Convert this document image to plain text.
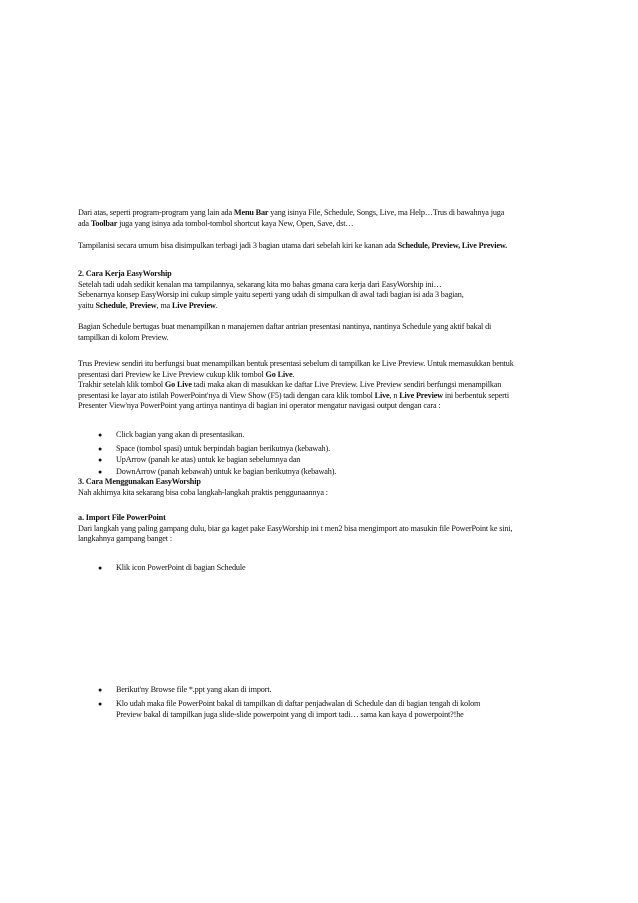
Dari atas, seperti program-program yang lain ada Menu Bar yang isinya File, Schedule, Songs, Live, ma Help…Trus di bawahnya juga

ada Toolbar juga yang isinya ada tombol-tombol shortcut kaya New, Open, Save, dst…

Tampilanisi secara umum bisa disimpulkan terbagi jadi 3 bagian utama dari sebelah kiri ke kanan ada Schedule, Preview, Live Preview.

2. Cara Kerja EasyWorship

Setelah tadi udah sedikit kenalan ma tampilannya, sekarang kita mo bahas gmana cara kerja dari EasyWorship ini…

Sebenarnya konsep EasyWorsip ini cukup simple yaitu seperti yang udah di simpulkan di awal tadi bagian isi ada 3 bagian,

yaitu Schedule, Preview, ma Live Preview.

Bagian Schedule bertugas buat menampilkan n manajemen daftar antrian presentasi nantinya, nantinya Schedule yang aktif bakal di

tampilkan di kolom Preview.

Trus Preview sendiri itu berfungsi buat menampilkan bentuk presentasi sebelum di tampilkan ke Live Preview. Untuk memasukkan bentuk

presentasi dari Preview ke Live Preview cukup klik tombol Go Live.

Trakhir setelah klik tombol Go Live tadi maka akan di masukkan ke daftar Live Preview. Live Preview sendiri berfungsi menampilkan

presentasi ke layar ato istilah PowerPoint'nya di View Show (F5) tadi dengan cara klik tombol Live, n Live Preview ini berbentuk seperti

Presenter View'nya PowerPoint yang artinya nantinya di bagian ini operator mengatur navigasi output dengan cara :

●	Click bagian yang akan di presentasikan.

●	Space (tombol spasi) untuk berpindah bagian berikutnya (kebawah).

●	UpArrow (panah ke atas) untuk ke bagian sebelumnya dan

●	DownArrow (panah kebawah) untuk ke bagian berikutnya (kebawah).

3. Cara Menggunakan EasyWorship

Nah akhirnya kita sekarang bisa coba langkah-langkah praktis penggunaannya :

a. Import File PowerPoint

Dari langkah yang paling gampang dulu, biar ga kaget pake EasyWorship ini t men2 bisa mengimport ato masukin file PowerPoint ke sini,

langkahnya gampang banget :

●	Klik icon PowerPoint di bagian Schedule

●	Berikut'ny Browse file *.ppt yang akan di import.

●	Klo udah maka file PowerPoint bakal di tampilkan di daftar penjadwalan di Schedule dan di bagian tengah di kolom

Preview bakal di tampilkan juga slide-slide powerpoint yang di import tadi… sama kan kaya d powerpoint?!he
